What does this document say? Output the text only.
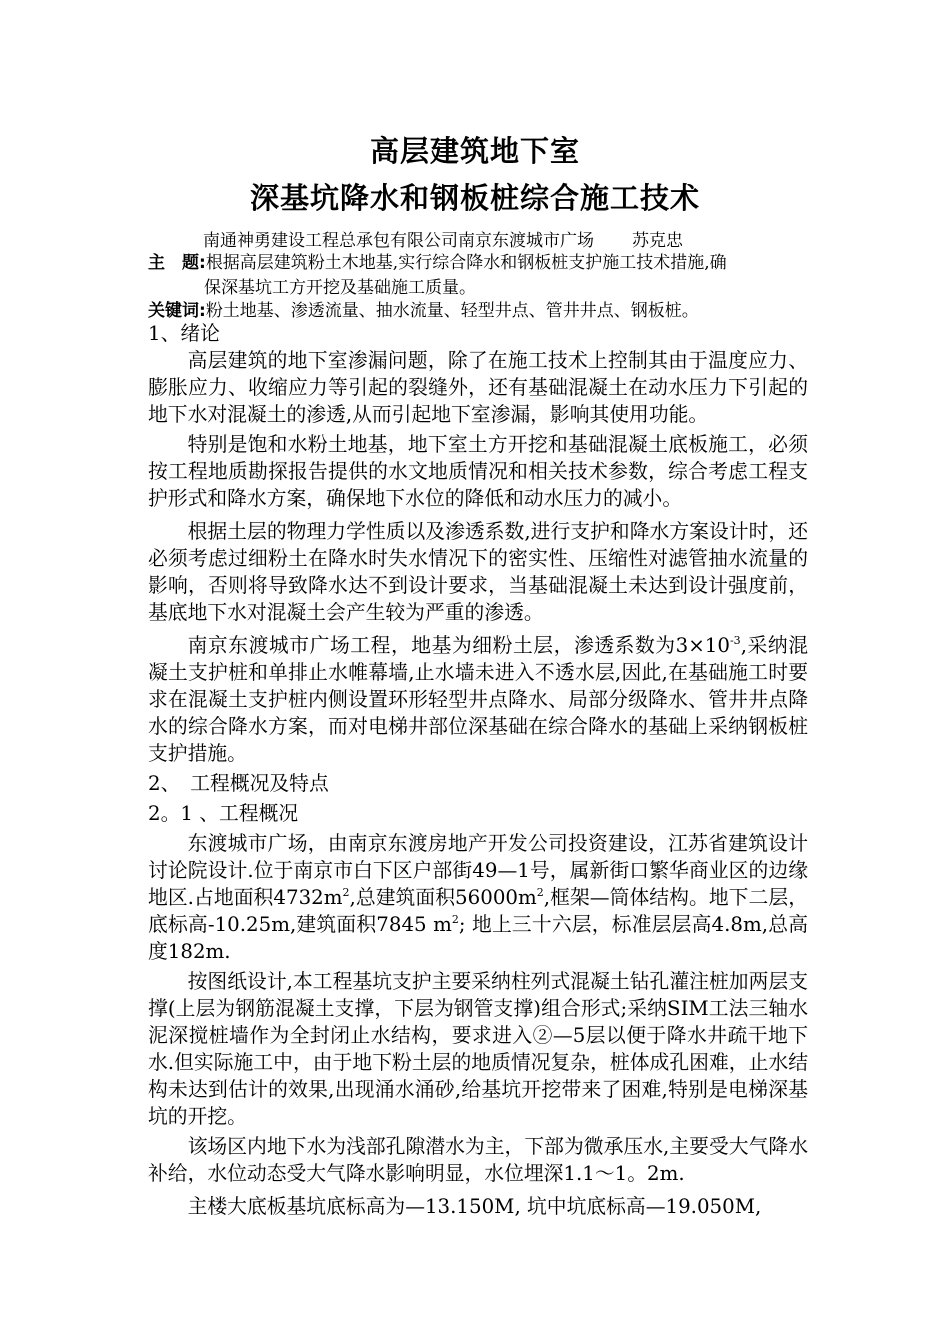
高层建筑地下室
深基坑降水和钢板桩综合施工技术
南通神勇建设工程总承包有限公司南京东渡城市广场 苏克忠
主　题:根据高层建筑粉土木地基,实行综合降水和钢板桩支护施工技术措施,确
保深基坑工方开挖及基础施工质量。
关键词:粉土地基、渗透流量、抽水流量、轻型井点、管井井点、钢板桩。

1、绪论

高层建筑的地下室渗漏问题，除了在施工技术上控制其由于温度应力、膨胀应力、收缩应力等引起的裂缝外，还有基础混凝土在动水压力下引起的地下水对混凝土的渗透,从而引起地下室渗漏，影响其使用功能。

特别是饱和水粉土地基，地下室土方开挖和基础混凝土底板施工，必须按工程地质勘探报告提供的水文地质情况和相关技术参数，综合考虑工程支护形式和降水方案，确保地下水位的降低和动水压力的减小。

根据土层的物理力学性质以及渗透系数,进行支护和降水方案设计时，还必须考虑过细粉土在降水时失水情况下的密实性、压缩性对滤管抽水流量的影响，否则将导致降水达不到设计要求，当基础混凝土未达到设计强度前，基底地下水对混凝土会产生较为严重的渗透。

南京东渡城市广场工程，地基为细粉土层，渗透系数为$3\times 10^{-3}$,采纳混凝土支护桩和单排止水帷幕墙,止水墙未进入不透水层,因此,在基础施工时要求在混凝土支护桩内侧设置环形轻型井点降水、局部分级降水、管井井点降水的综合降水方案，而对电梯井部位深基础在综合降水的基础上采纳钢板桩支护措施。

2、　工程概况及特点

2。1 、工程概况

东渡城市广场，由南京东渡房地产开发公司投资建设，江苏省建筑设计讨论院设计.位于南京市白下区户部街49—1号，属新街口繁华商业区的边缘地区.占地面积$4732m^2$,总建筑面积$56000m^2$,框架—筒体结构。地下二层，底标高-10.25m,建筑面积7845 $m^2$; 地上三十六层，标准层层高4.8m,总高度182m.

按图纸设计,本工程基坑支护主要采纳柱列式混凝土钻孔灌注桩加两层支撑(上层为钢筋混凝土支撑，下层为钢管支撑)组合形式;采纳SIM工法三轴水泥深搅桩墙作为全封闭止水结构，要求进入②—5层以便于降水井疏干地下水.但实际施工中，由于地下粉土层的地质情况复杂，桩体成孔困难，止水结构未达到估计的效果,出现涌水涌砂,给基坑开挖带来了困难,特别是电梯深基坑的开挖。

该场区内地下水为浅部孔隙潜水为主，下部为微承压水,主要受大气降水补给，水位动态受大气降水影响明显，水位埋深1.1～1。2m.

主楼大底板基坑底标高为—13.150M, 坑中坑底标高—19.050M,
